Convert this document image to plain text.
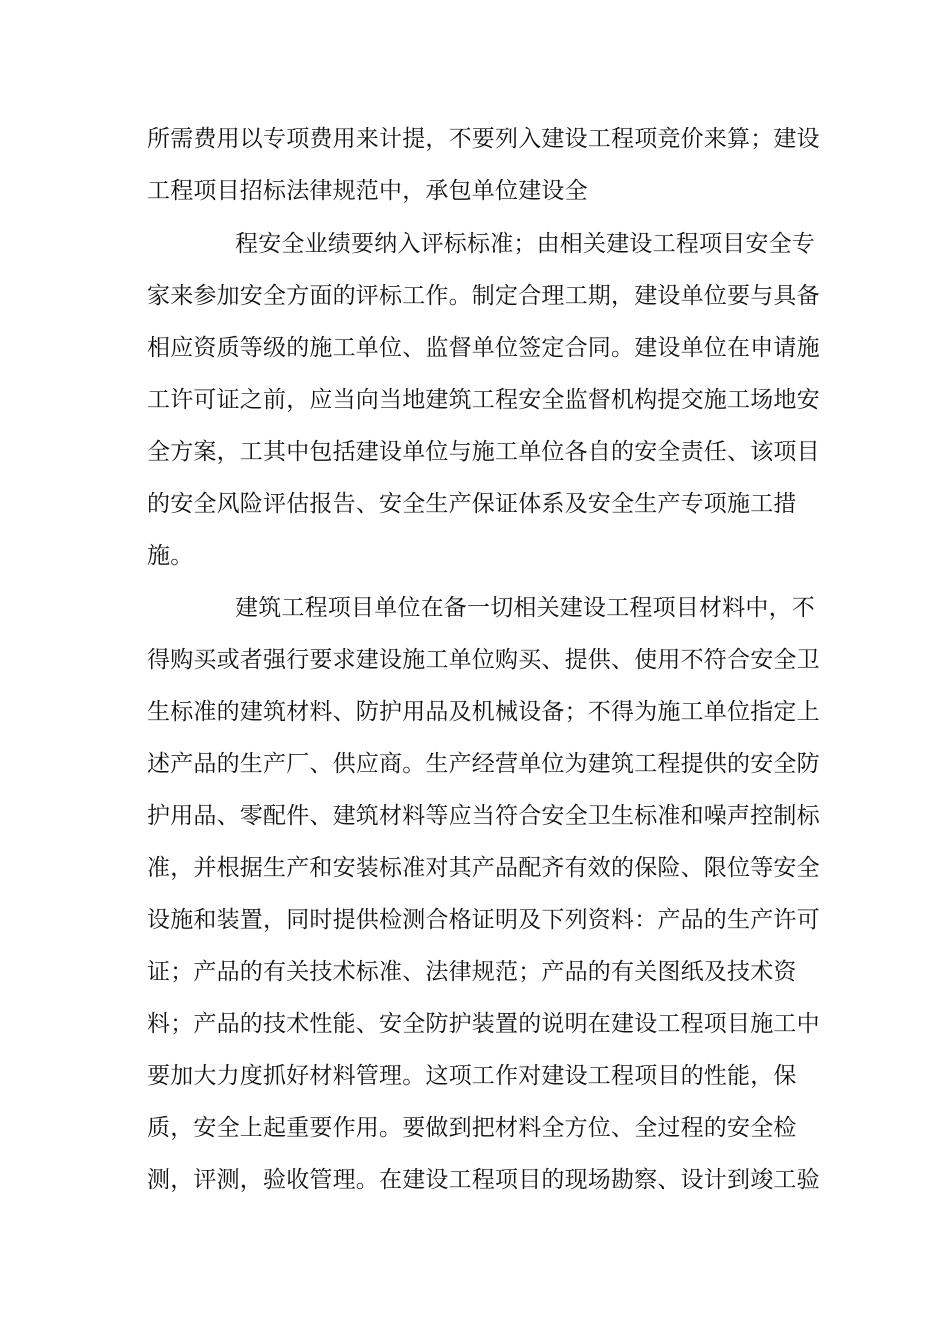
所需费用以专项费用来计提，不要列入建设工程项竞价来算；建设
工程项目招标法律规范中，承包单位建设全
程安全业绩要纳入评标标准；由相关建设工程项目安全专
家来参加安全方面的评标工作。制定合理工期，建设单位要与具备
相应资质等级的施工单位、监督单位签定合同。建设单位在申请施
工许可证之前，应当向当地建筑工程安全监督机构提交施工场地安
全方案，工其中包括建设单位与施工单位各自的安全责任、该项目
的安全风险评估报告、安全生产保证体系及安全生产专项施工措
施。
建筑工程项目单位在备一切相关建设工程项目材料中，不
得购买或者强行要求建设施工单位购买、提供、使用不符合安全卫
生标准的建筑材料、防护用品及机械设备；不得为施工单位指定上
述产品的生产厂、供应商。生产经营单位为建筑工程提供的安全防
护用品、零配件、建筑材料等应当符合安全卫生标准和噪声控制标
准，并根据生产和安装标准对其产品配齐有效的保险、限位等安全
设施和装置，同时提供检测合格证明及下列资料：产品的生产许可
证；产品的有关技术标准、法律规范；产品的有关图纸及技术资
料；产品的技术性能、安全防护装置的说明在建设工程项目施工中
要加大力度抓好材料管理。这项工作对建设工程项目的性能，保
质，安全上起重要作用。要做到把材料全方位、全过程的安全检
测，评测，验收管理。在建设工程项目的现场勘察、设计到竣工验
